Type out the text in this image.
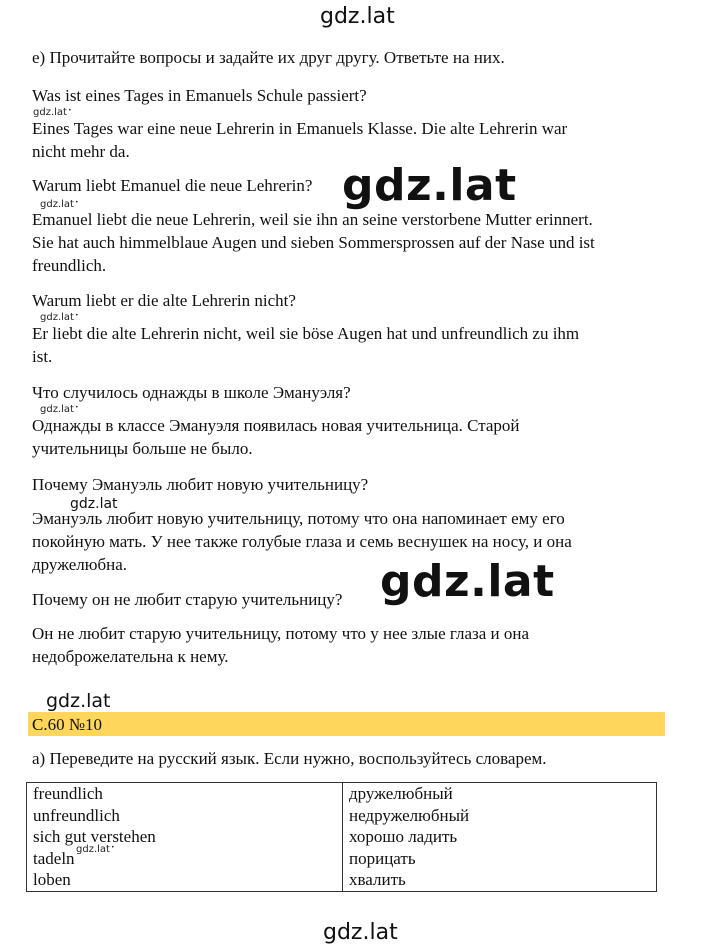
gdz.lat
e) Прочитайте вопросы и задайте их друг другу. Ответьте на них.
Was ist eines Tages in Emanuels Schule passiert?
gdz.lat •
Eines Tages war eine neue Lehrerin in Emanuels Klasse. Die alte Lehrerin war
nicht mehr da.
Warum liebt Emanuel die neue Lehrerin?
gdz.lat •
Emanuel liebt die neue Lehrerin, weil sie ihn an seine verstorbene Mutter erinnert.
Sie hat auch himmelblaue Augen und sieben Sommersprossen auf der Nase und ist
freundlich.
gdz.lat
Warum liebt er die alte Lehrerin nicht?
gdz.lat •
Er liebt die alte Lehrerin nicht, weil sie böse Augen hat und unfreundlich zu ihm
ist.
Что случилось однажды в школе Эмануэля?
gdz.lat •
Однажды в классе Эмануэля появилась новая учительница. Старой
учительницы больше не было.
Почему Эмануэль любит новую учительницу?
gdz.lat
Эмануэль любит новую учительницу, потому что она напоминает ему его
покойную мать. У нее также голубые глаза и семь веснушек на носу, и она
дружелюбна.
Почему он не любит старую учительницу? gdz.lat
Он не любит старую учительницу, потому что у нее злые глаза и она
недоброжелательна к нему.
gdz.lat
С.60 №10
а) Переведите на русский язык. Если нужно, воспользуйтесь словарем.
freundlich	дружелюбный
unfreundlich	недружелюбный
sich gut verstehen	хорошо ладить
tadeln	порицать
loben	хвалить
gdz.lat •
gdz.lat
